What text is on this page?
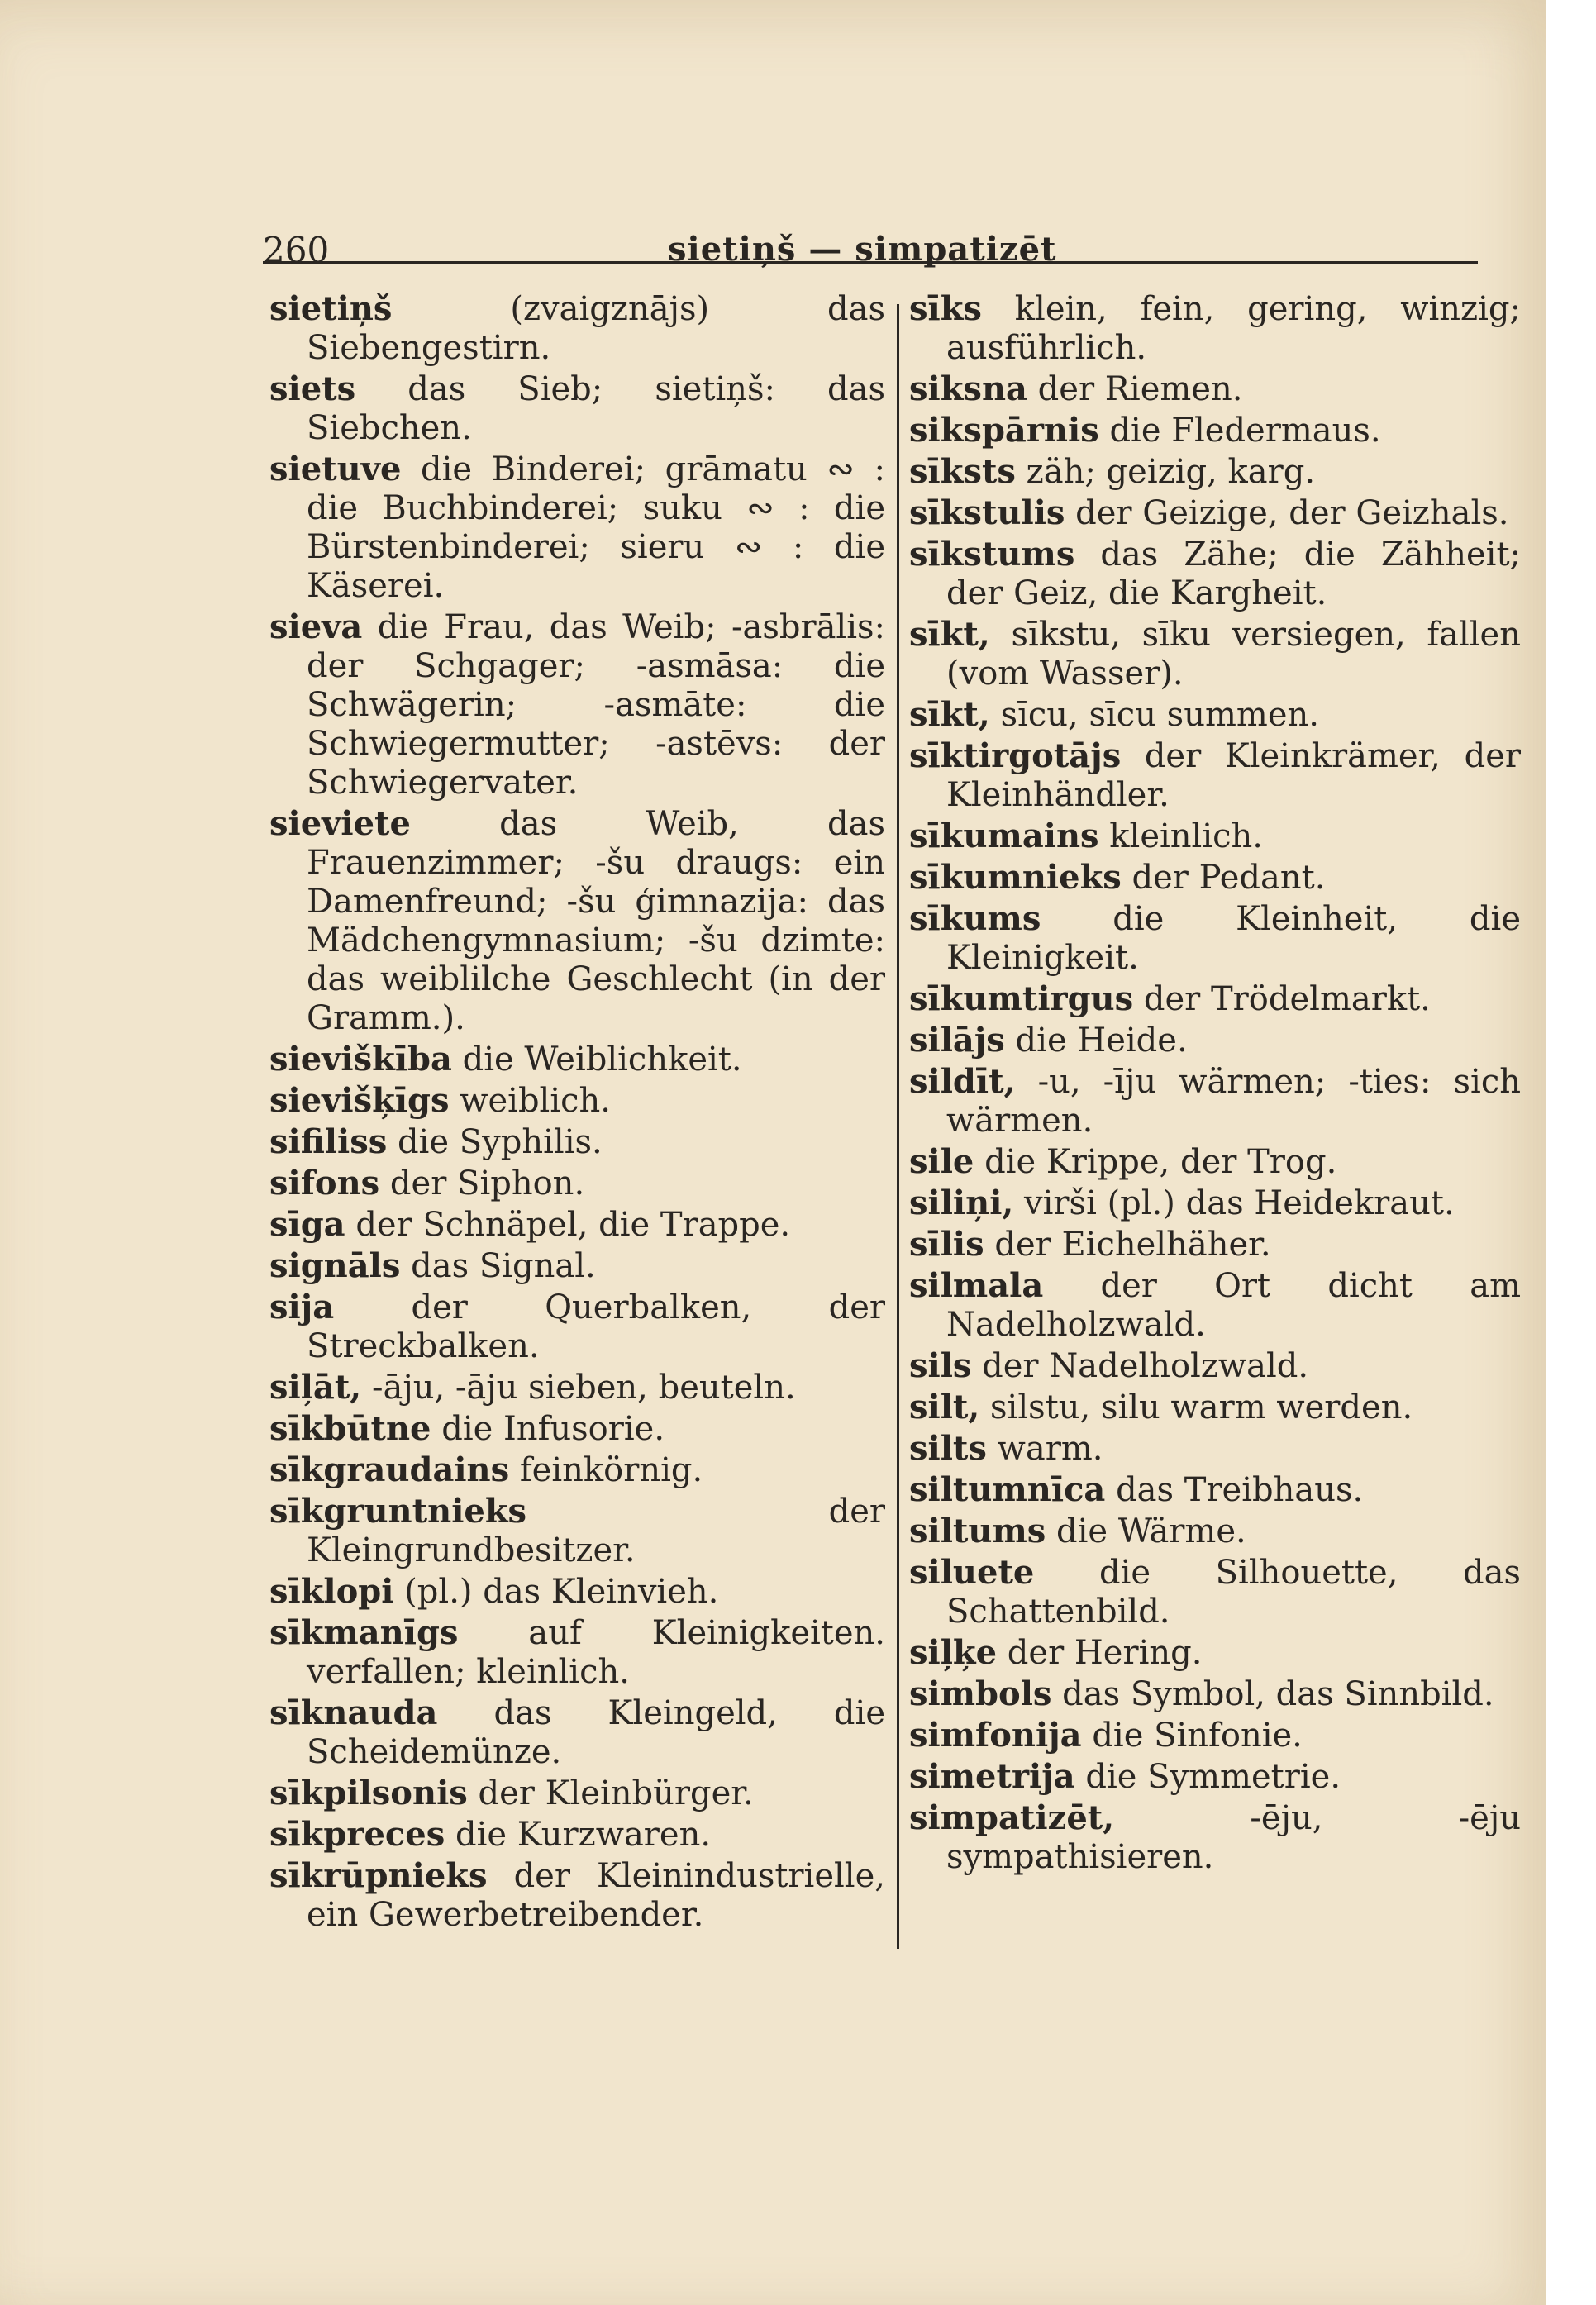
260	sietiņš — simpatizēt

sietiņš	(zvaigznājs) das Siebengestirn.

siets das Sieb; sietiņš: das Siebchen.

sietuve die Binderei; grāmatu ∾ : die Buchbinderei; suku ∾ : die Bürstenbinderei; sieru ∾ : die Käserei.

sieva die Frau, das Weib; -asbrālis: der Schgager; -asmāsa: die Schwägerin; -asmāte: die Schwiegermutter; -astēvs: der Schwiegervater.

sieviete	das Weib, das Frauenzimmer; -šu draugs: ein Damenfreund; -šu ģimnazija: das Mädchengymnasium; -šu dzimte: das weiblilche Geschlecht (in der Gramm.).

sieviškība die Weiblichkeit.

sievišķīgs weiblich.

sifiliss die Syphilis.

sifons der Siphon.

sīga der Schnäpel, die Trappe.

signāls das Signal.

sija der Querbalken, der Streckbalken.

siļāt, -āju, -āju sieben, beuteln.

sīkbūtne die Infusorie.

sīkgraudains feinkörnig.

sīkgruntnieks	der Kleingrundbesitzer.

sīklopi (pl.) das Kleinvieh.

sīkmanīgs auf Kleinigkeiten. verfallen; kleinlich.

sīknauda das Kleingeld, die Scheidemünze.

sīkpilsonis der Kleinbürger.

sīkpreces die Kurzwaren.

sīkrūpnieks der Kleinindustrielle, ein Gewerbetreibender.

sīks klein, fein, gering, winzig; ausführlich.

siksna der Riemen.

sikspārnis die Fledermaus.

sīksts zäh; geizig, karg.

sīkstulis der Geizige, der Geizhals.

sīkstums das Zähe; die Zähheit; der Geiz, die Kargheit.

sīkt, sīkstu, sīku versiegen, fallen (vom Wasser).

sīkt, sīcu, sīcu summen.

sīktirgotājs der Kleinkrämer, der Kleinhändler.

sīkumains kleinlich.

sīkumnieks der Pedant.

sīkums die Kleinheit, die Kleinigkeit.

sīkumtirgus der Trödelmarkt.

silājs die Heide.

sildīt, -u, -īju wärmen; -ties: sich wärmen.

sile die Krippe, der Trog.

siliņi, virši (pl.) das Heidekraut.

sīlis der Eichelhäher.

silmala der Ort dicht am Nadelholzwald.

sils der Nadelholzwald.

silt, silstu, silu warm werden.

silts warm.

siltumnīca das Treibhaus.

siltums die Wärme.

siluete die Silhouette, das Schattenbild.

siļķe der Hering.

simbols das Symbol, das Sinnbild.

simfonija die Sinfonie.

simetrija die Symmetrie.

simpatizēt,	-ēju, -ēju sympathisieren.
